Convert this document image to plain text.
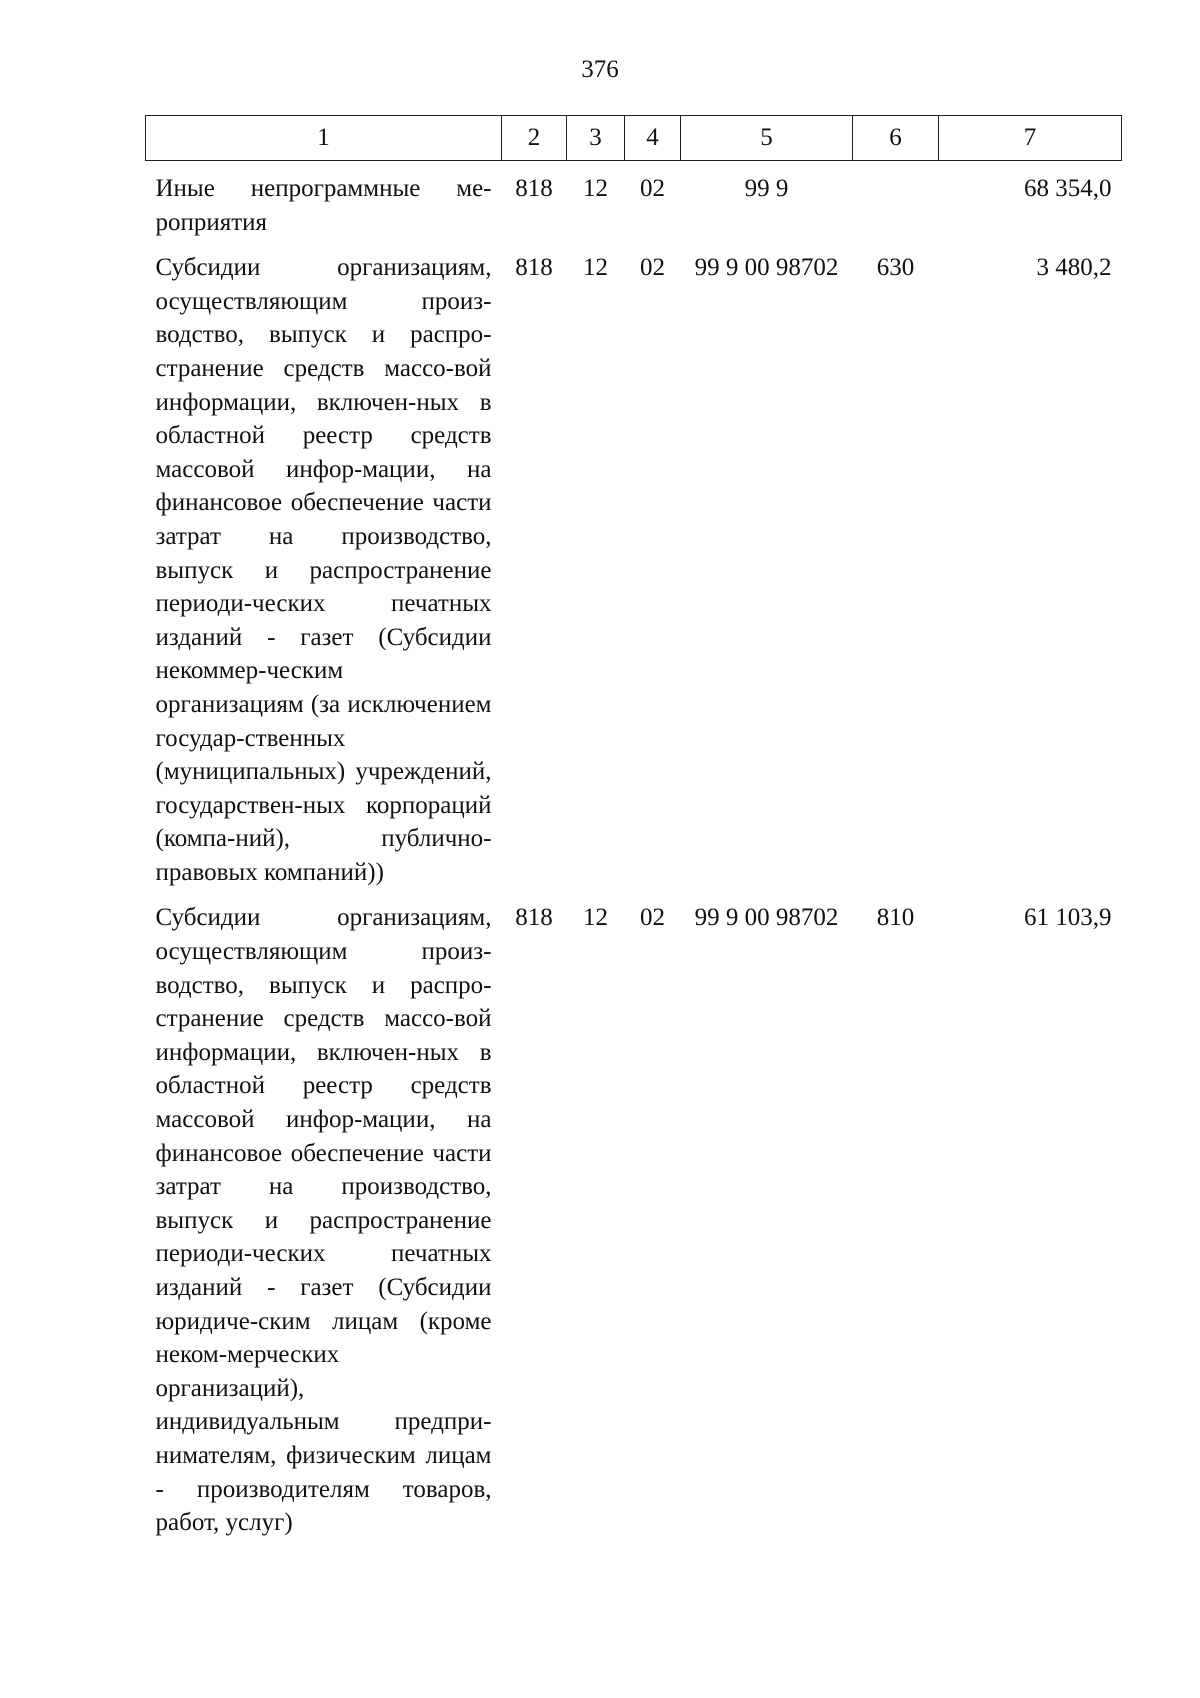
376
1	2	3	4	5	6	7
Иные непрограммные ме-роприятия	818	12	02	99 9		68 354,0
Субсидии организациям, осуществляющим произ-водство, выпуск и распро-странение средств массо-вой информации, включен-ных в областной реестр средств массовой инфор-мации, на финансовое обеспечение части затрат на производство, выпуск и распространение периоди-ческих печатных изданий - газет (Субсидии некоммер-ческим организациям (за исключением государ-ственных (муниципальных) учреждений, государствен-ных корпораций (компа-ний), публично-правовых компаний))	818	12	02	99 9 00 98702	630	3 480,2
Субсидии организациям, осуществляющим произ-водство, выпуск и распро-странение средств массо-вой информации, включен-ных в областной реестр средств массовой инфор-мации, на финансовое обеспечение части затрат на производство, выпуск и распространение периоди-ческих печатных изданий - газет (Субсидии юридиче-ским лицам (кроме неком-мерческих организаций), индивидуальным предпри-нимателям, физическим лицам - производителям товаров, работ, услуг)	818	12	02	99 9 00 98702	810	61 103,9
